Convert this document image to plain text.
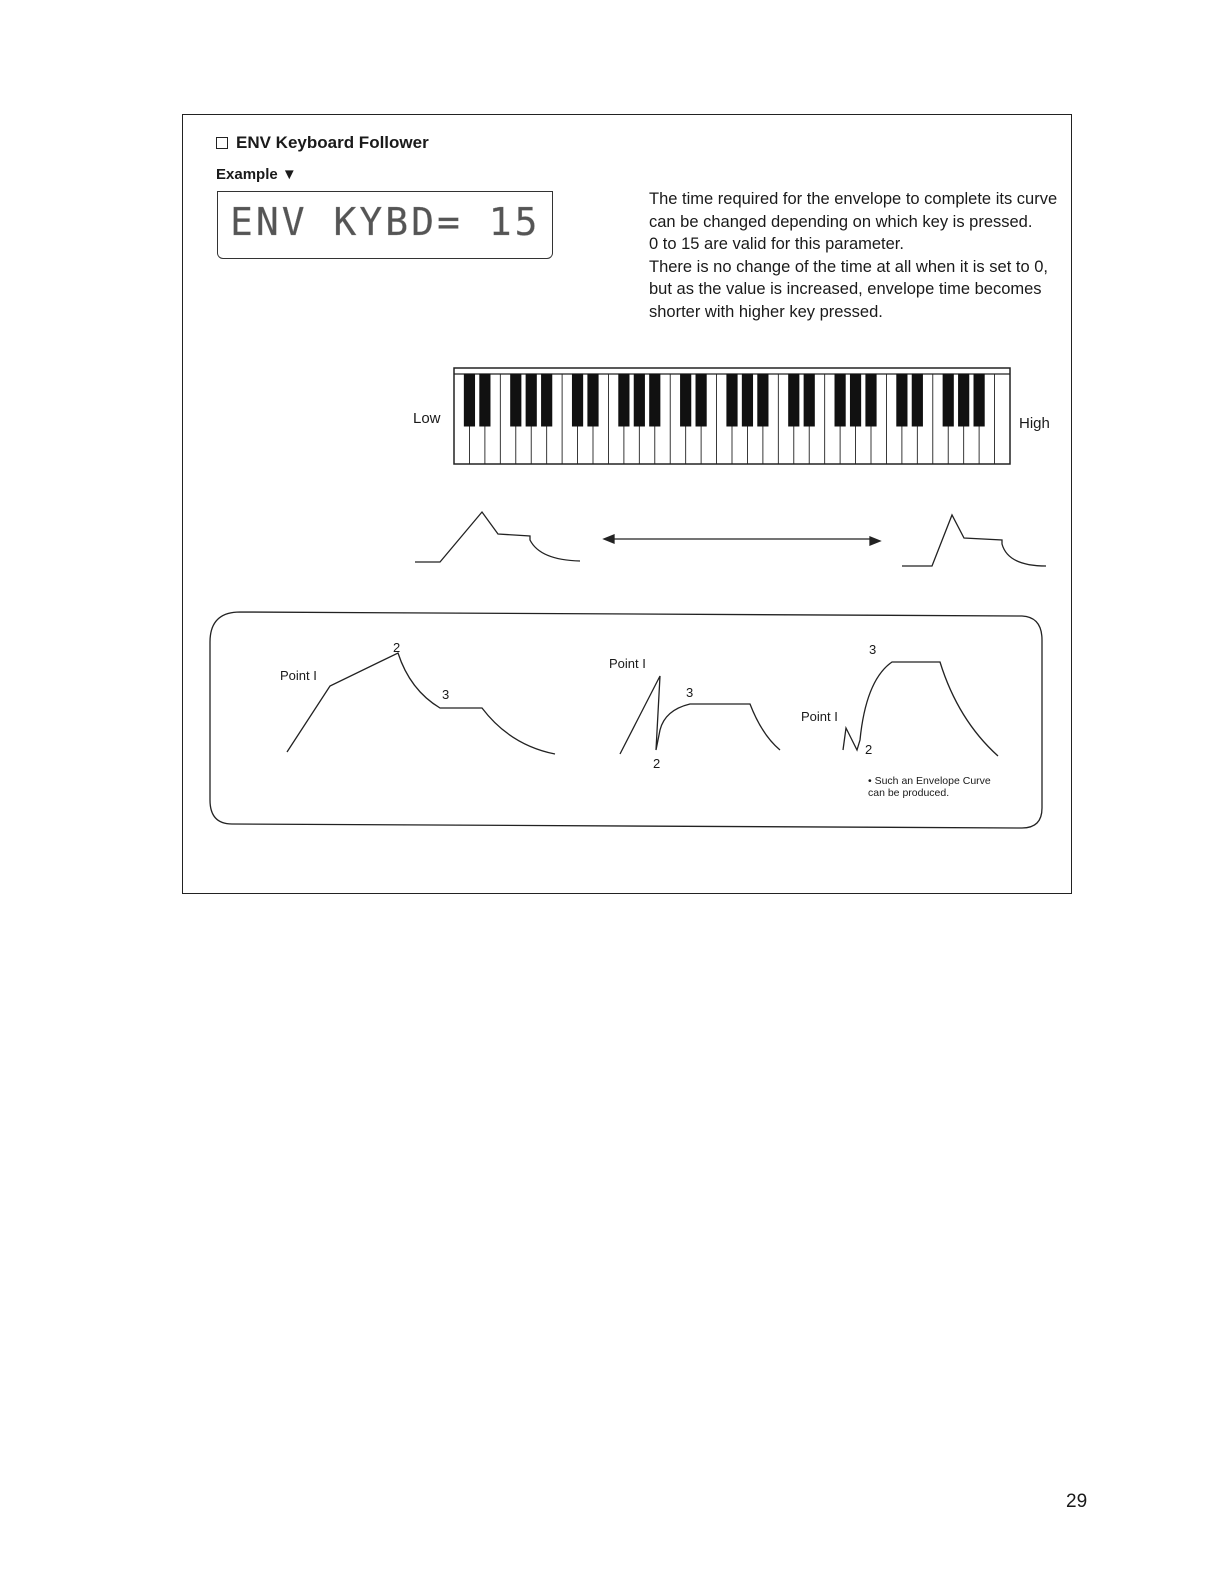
ENV Keyboard Follower
Example ▼
ENV KYBD= 15

The time required for the envelope to complete its curve can be changed depending on which key is pressed.

0 to 15 are valid for this parameter.

There is no change of the time at all when it is set to 0, but as the value is increased, envelope time becomes shorter with higher key pressed.

Low	High
Point I
2
3
Point I
2
3
Point I
2
3
• Such an Envelope Curve can be produced.
29
